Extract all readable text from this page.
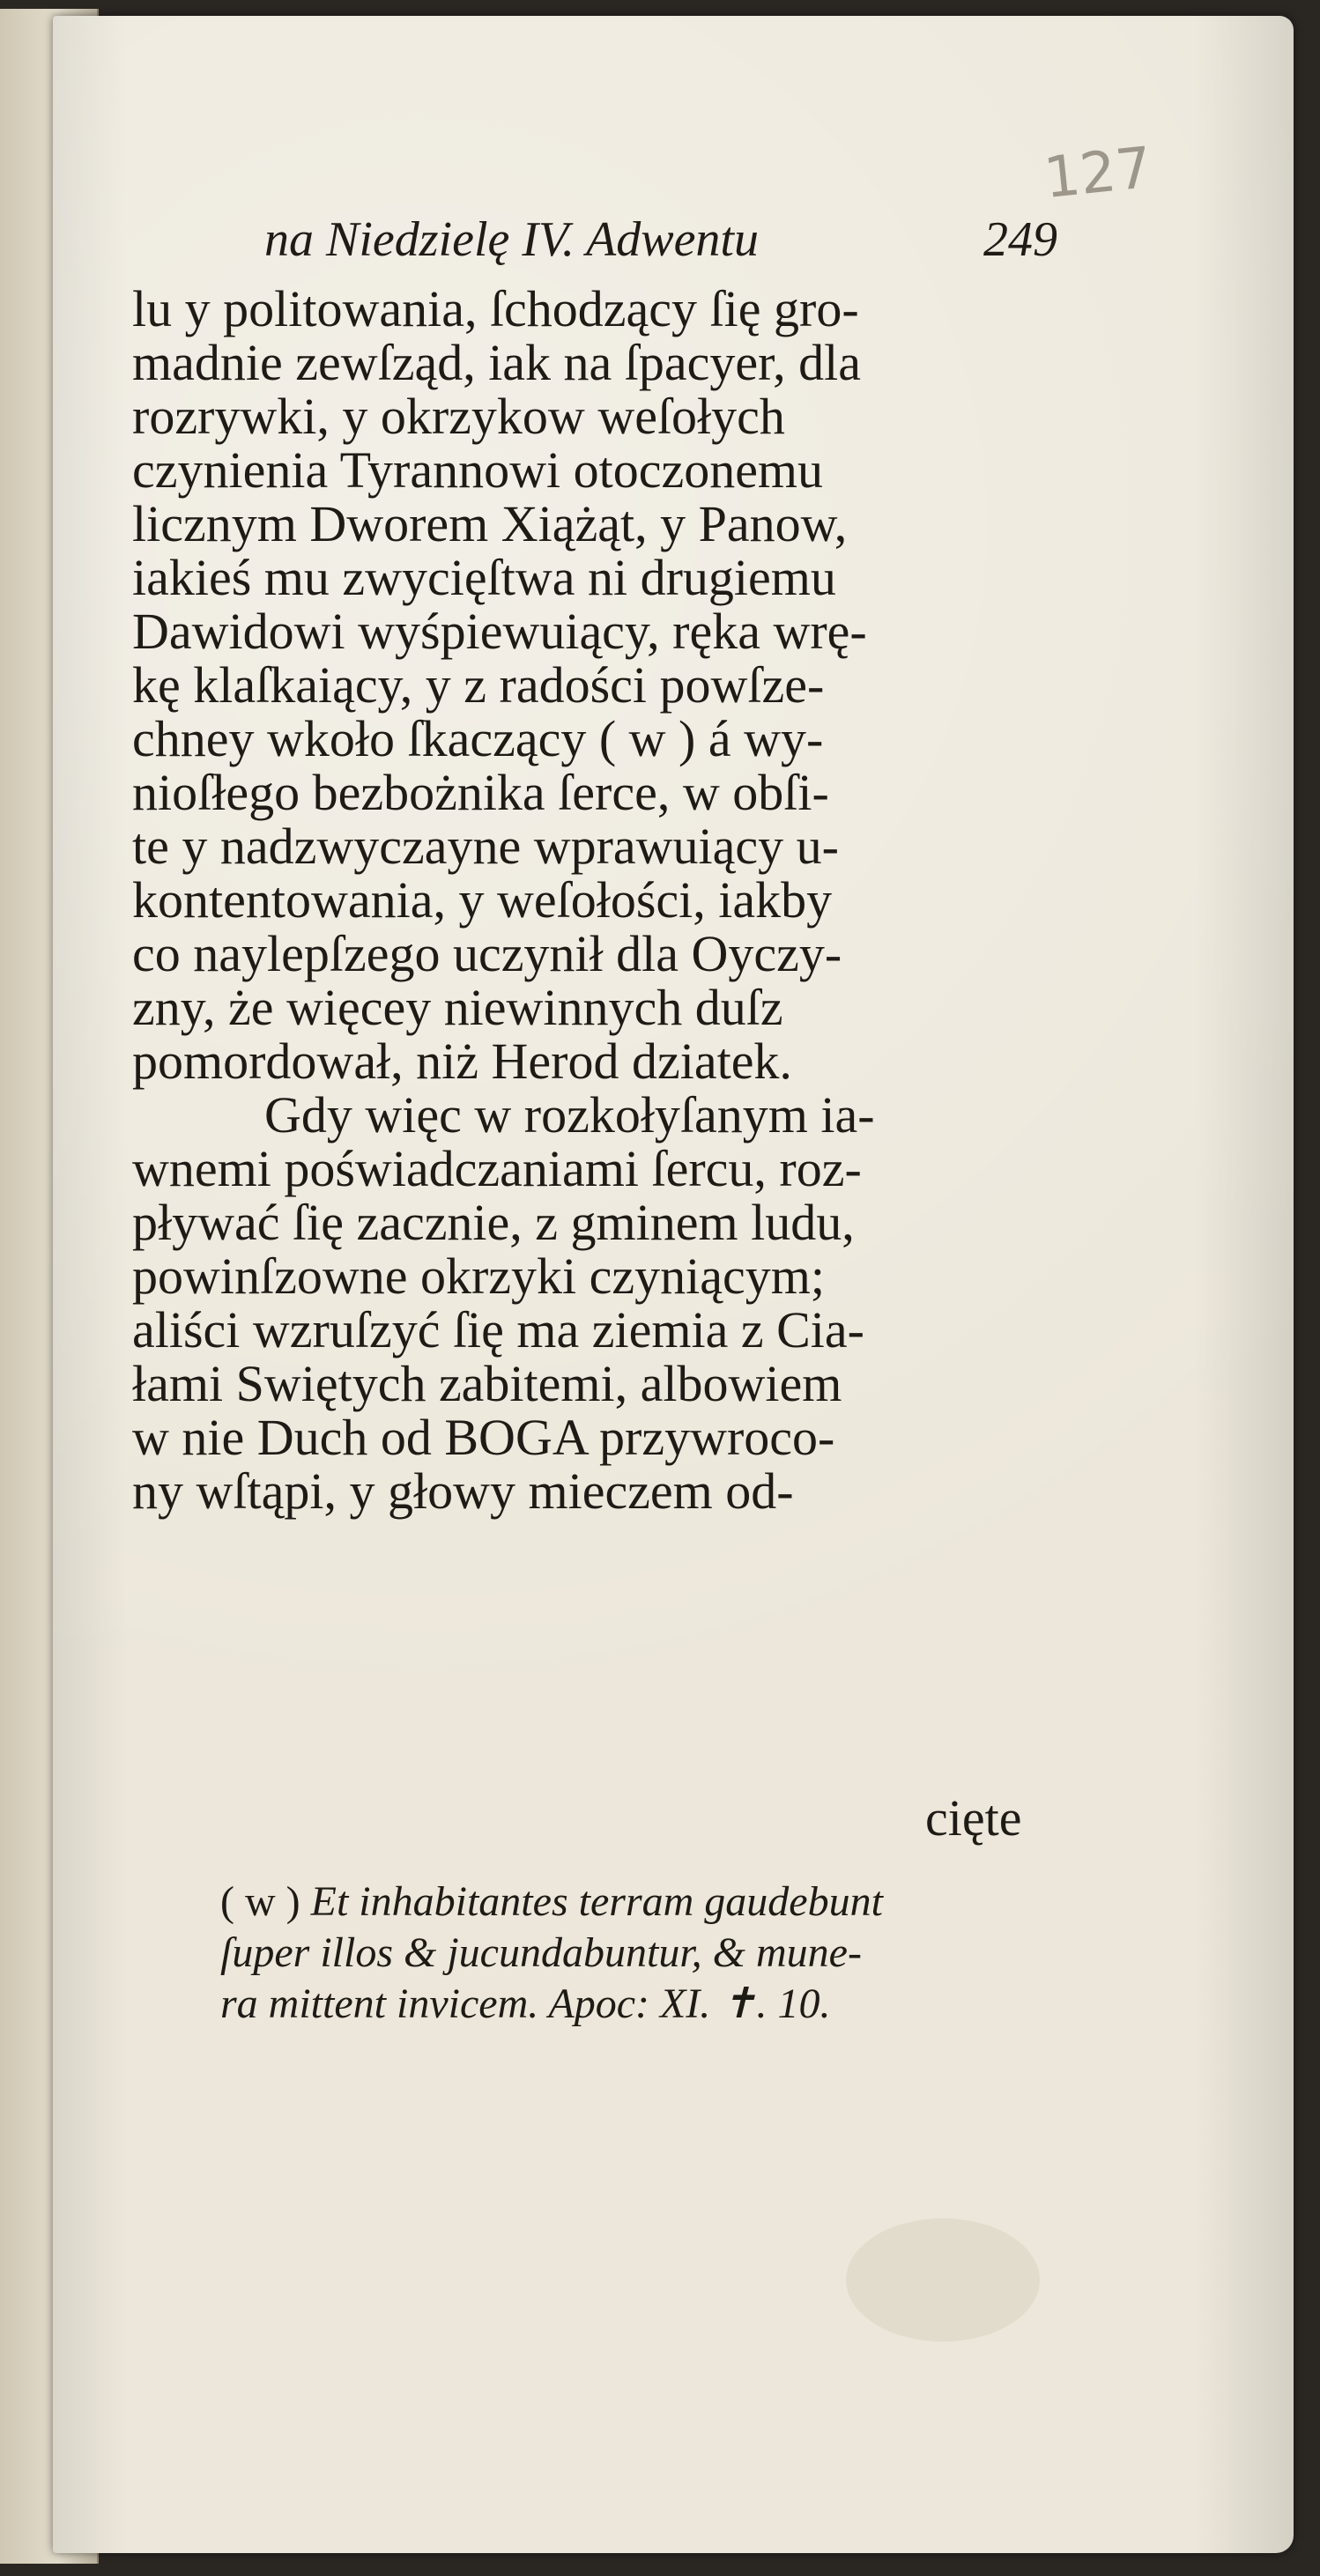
127
na Niedzielę IV. Adwentu	249
lu y politowania, ſchodzący ſię gro-
madnie zewſząd, iak na ſpacyer, dla
rozrywki, y okrzykow weſołych
czynienia Tyrannowi otoczonemu
licznym Dworem Xiążąt, y Panow,
iakieś mu zwycięſtwa ni drugiemu
Dawidowi wyśpiewuiący, ręka wrę-
kę klaſkaiący, y z radości powſze-
chney wkoło ſkaczący ( w ) á wy-
nioſłego bezbożnika ſerce, w obſi-
te y nadzwyczayne wprawuiący u-
kontentowania, y weſołości, iakby
co naylepſzego uczynił dla Oyczy-
zny, że więcey niewinnych duſz
pomordował, niż Herod dziatek.
Gdy więc w rozkołyſanym ia-
wnemi poświadczaniami ſercu, roz-
pływać ſię zacznie, z gminem ludu,
powinſzowne okrzyki czyniącym;
aliści wzruſzyć ſię ma ziemia z Cia-
łami Swiętych zabitemi, albowiem
w nie Duch od BOGA przywroco-
ny wſtąpi, y głowy mieczem od-
cięte
( w ) Et inhabitantes terram gaudebunt
ſuper illos & jucundabuntur, & mune-
ra mittent invicem. Apoc: XI. ✝. 10.
